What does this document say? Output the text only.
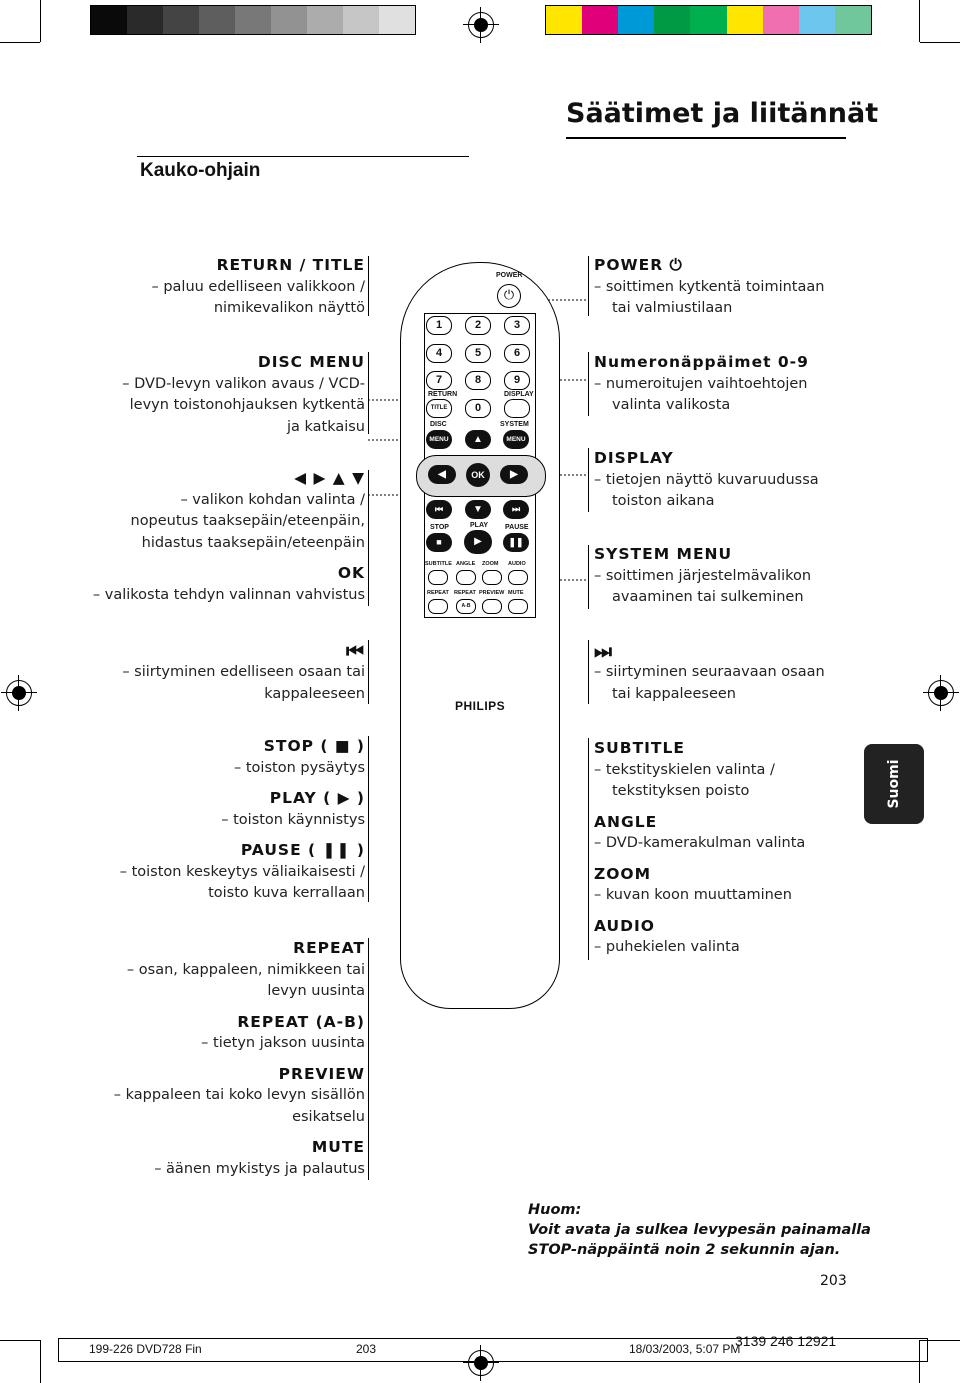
Säätimet ja liitännät
Kauko-ohjain
RETURN / TITLE
– paluu edelliseen valikkoon /
nimikevalikon näyttö
DISC MENU
– DVD-levyn valikon avaus / VCD-
levyn toistonohjauksen kytkentä
ja katkaisu
◀ ▶ ▲ ▼
– valikon kohdan valinta /
nopeutus taaksepäin/eteenpäin,
hidastus taaksepäin/eteenpäin
OK
– valikosta tehdyn valinnan vahvistus
⏮
– siirtyminen edelliseen osaan tai
kappaleeseen
STOP ( ■ )
– toiston pysäytys
PLAY ( ▶ )
– toiston käynnistys
PAUSE ( ❚❚ )
– toiston keskeytys väliaikaisesti /
toisto kuva kerrallaan
REPEAT
– osan, kappaleen, nimikkeen tai
levyn uusinta
REPEAT (A-B)
– tietyn jakson uusinta
PREVIEW
– kappaleen tai koko levyn sisällön
esikatselu
MUTE
– äänen mykistys ja palautus
POWER ⏻
– soittimen kytkentä toimintaan
tai valmiustilaan
Numeronäppäimet 0-9
– numeroitujen vaihtoehtojen
valinta valikosta
DISPLAY
– tietojen näyttö kuvaruudussa
toiston aikana
SYSTEM MENU
– soittimen järjestelmävalikon
avaaminen tai sulkeminen
⏭
– siirtyminen seuraavaan osaan
tai kappaleeseen
SUBTITLE
– tekstityskielen valinta /
tekstityksen poisto
ANGLE
– DVD-kamerakulman valinta
ZOOM
– kuvan koon muuttaminen
AUDIO
– puhekielen valinta
POWER
⏻
1	2	3
4	5	6
7	8	9
RETURN	DISPLAY
TITLE	0
DISC	SYSTEM
MENU	▲	MENU
◀	OK	▶
⏮	▼	⏭
STOP	PLAY PAUSE
■	▶	❚❚
SUBTITLE ANGLE ZOOM AUDIO
REPEAT REPEAT PREVIEW MUTE
A-B
PHILIPS
Suomi
Huom:
Voit avata ja sulkea levypesän painamalla
STOP-näppäintä noin 2 sekunnin ajan.
203
199-226 DVD728 Fin	203	18/03/2003, 5:07 PM
3139 246 12921
